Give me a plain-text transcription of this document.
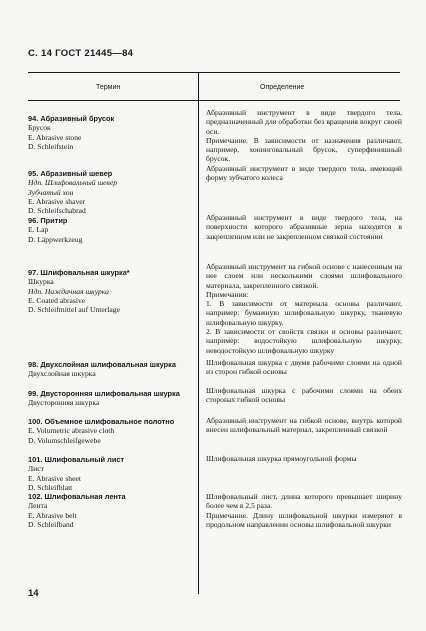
С. 14 ГОСТ 21445—84
Термин	Определение
94. Абразивный брусок
Брусок
E. Abrasive stone
D. Schleifstein
95. Абразивный шевер
Ндп. Шлифовальный шевер
Зубчатый хон
E. Abrasive shaver
D. Schleifschabrad
96. Притир
E. Lap
D. Läppwerkzeug
97. Шлифовальная шкурка*
Шкурка
Ндп. Наждачная шкурка
E. Coated abrasive
D. Schleifmittel auf Unterlage
98. Двухслойная шлифовальная шкурка
Двухслойная шкурка
99. Двусторонняя шлифовальная шкурка
Двусторонняя шкурка
100. Объемное шлифовальное полотно
E. Volumetric abrasive cloth
D. Volumschleifgewebe
101. Шлифовальный лист
Лист
E. Abrasive sheet
D. Schleifblatt
102. Шлифовальная лента
Лента
E. Abrasive belt
D. Schleifband

Абразивный инструмент в виде твердого тела, предназначенный для обработки без вращения вокруг своей оси.

Примечание. В зависимости от назначения различают, например, хонинговальный брусок, суперфинишный брусок.

Абразивный инструмент в виде твердого тела, имеющий форму зубчатого колеса

Абразивный инструмент в виде твердого тела, на поверхности которого абразивные зерна находятся в закрепленном или не закрепленном связкой состоянии

Абразивный инструмент на гибкой основе с нанесенным на нее слоем или несколькими слоями шлифовального материала, закрепленного связкой.

Примечания:

1. В зависимости от материала основы различают, например: бумажную шлифовальную шкурку, тканевую шлифовальную шкурку.

2. В зависимости от свойств связки и основы различают, например: водостойкую шлифовальную шкурку, неводостойкую шлифовальную шкурку

Шлифовальная шкурка с двумя рабочими слоями на одной из сторон гибкой основы

Шлифовальная шкурка с рабочими слоями на обеих сторонах гибкой основы

Абразивный инструмент на гибкой основе, внутрь которой внесен шлифовальный материал, закрепленный связкой

Шлифовальная шкурка прямоугольной формы

Шлифовальный лист, длина которого превышает ширину более чем в 2,5 раза.

Примечание. Длину шлифовальной шкурки измеряют в продольном направлении основы шлифовальной шкурки

14
